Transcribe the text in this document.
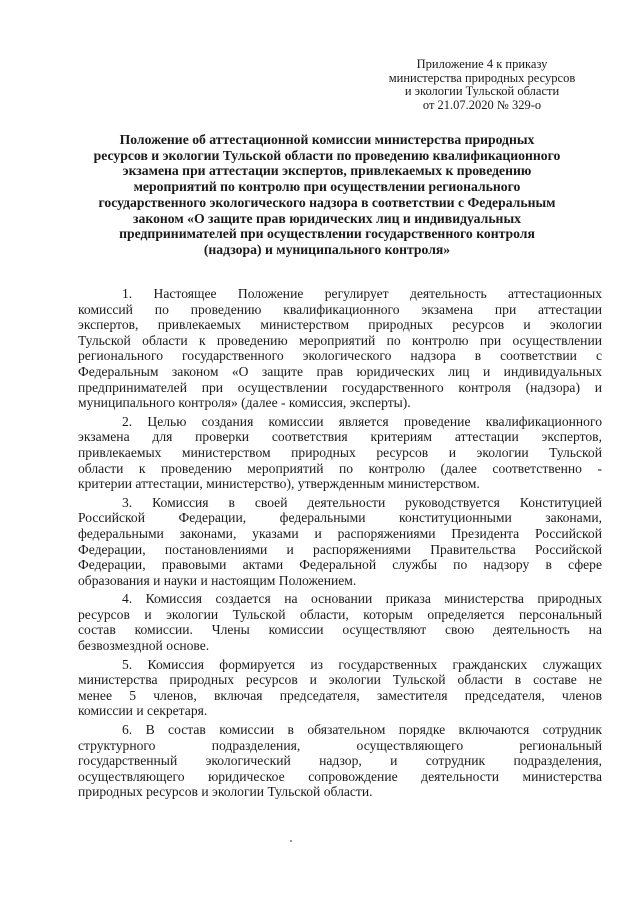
Приложение 4 к приказу
министерства природных ресурсов
и экологии Тульской области
от 21.07.2020 № 329-о
Положение об аттестационной комиссии министерства природных
ресурсов и экологии Тульской области по проведению квалификационного
экзамена при аттестации экспертов, привлекаемых к проведению
мероприятий по контролю при осуществлении регионального
государственного экологического надзора в соответствии с Федеральным
законом «О защите прав юридических лиц и индивидуальных
предпринимателей при осуществлении государственного контроля
(надзора) и муниципального контроля»
1. Настоящее Положение регулирует деятельность аттестационных
комиссий по проведению квалификационного экзамена при аттестации
экспертов, привлекаемых министерством природных ресурсов и экологии
Тульской области к проведению мероприятий по контролю при осуществлении
регионального государственного экологического надзора в соответствии с
Федеральным законом «О защите прав юридических лиц и индивидуальных
предпринимателей при осуществлении государственного контроля (надзора) и
муниципального контроля» (далее - комиссия, эксперты).
2. Целью создания комиссии является проведение квалификационного
экзамена для проверки соответствия критериям аттестации экспертов,
привлекаемых министерством природных ресурсов и экологии Тульской
области к проведению мероприятий по контролю (далее соответственно -
критерии аттестации, министерство), утвержденным министерством.
3. Комиссия в своей деятельности руководствуется Конституцией
Российской Федерации, федеральными конституционными законами,
федеральными законами, указами и распоряжениями Президента Российской
Федерации, постановлениями и распоряжениями Правительства Российской
Федерации, правовыми актами Федеральной службы по надзору в сфере
образования и науки и настоящим Положением.
4. Комиссия создается на основании приказа министерства природных
ресурсов и экологии Тульской области, которым определяется персональный
состав комиссии. Члены комиссии осуществляют свою деятельность на
безвозмездной основе.
5. Комиссия формируется из государственных гражданских служащих
министерства природных ресурсов и экологии Тульской области в составе не
менее 5 членов, включая председателя, заместителя председателя, членов
комиссии и секретаря.
6. В состав комиссии в обязательном порядке включаются сотрудник
структурного подразделения, осуществляющего региональный
государственный экологический надзор, и сотрудник подразделения,
осуществляющего юридическое сопровождение деятельности министерства
природных ресурсов и экологии Тульской области.
